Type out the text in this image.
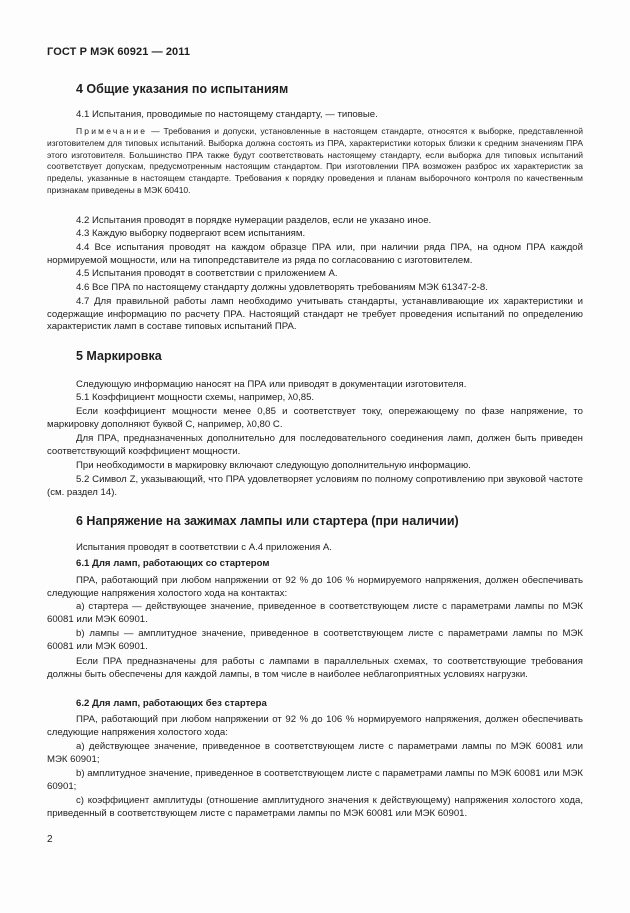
ГОСТ Р МЭК 60921 — 2011
4 Общие указания по испытаниям

4.1 Испытания, проводимые по настоящему стандарту, — типовые.

Примечание — Требования и допуски, установленные в настоящем стандарте, относятся к выборке, представленной изготовителем для типовых испытаний. Выборка должна состоять из ПРА, характеристики которых близки к средним значениям ПРА этого изготовителя. Большинство ПРА также будут соответствовать настоящему стандарту, если выборка для типовых испытаний соответствует допускам, предусмотренным настоящим стандартом. При изготовлении ПРА возможен разброс их характеристик за пределы, указанные в настоящем стандарте. Требования к порядку проведения и планам выборочного контроля по качественным признакам приведены в МЭК 60410.

4.2 Испытания проводят в порядке нумерации разделов, если не указано иное.

4.3 Каждую выборку подвергают всем испытаниям.

4.4 Все испытания проводят на каждом образце ПРА или, при наличии ряда ПРА, на одном ПРА каждой нормируемой мощности, или на типопредставителе из ряда по согласованию с изготовителем.

4.5 Испытания проводят в соответствии с приложением А.

4.6 Все ПРА по настоящему стандарту должны удовлетворять требованиям МЭК 61347-2-8.

4.7 Для правильной работы ламп необходимо учитывать стандарты, устанавливающие их характеристики и содержащие информацию по расчету ПРА. Настоящий стандарт не требует проведения испытаний по определению характеристик ламп в составе типовых испытаний ПРА.

5 Маркировка

Следующую информацию наносят на ПРА или приводят в документации изготовителя.

5.1 Коэффициент мощности схемы, например, λ0,85.

Если коэффициент мощности менее 0,85 и соответствует току, опережающему по фазе напряжение, то маркировку дополняют буквой С, например, λ0,80 С.

Для ПРА, предназначенных дополнительно для последовательного соединения ламп, должен быть приведен соответствующий коэффициент мощности.

При необходимости в маркировку включают следующую дополнительную информацию.

5.2 Символ Z, указывающий, что ПРА удовлетворяет условиям по полному сопротивлению при звуковой частоте (см. раздел 14).

6 Напряжение на зажимах лампы или стартера (при наличии)

Испытания проводят в соответствии с А.4 приложения А.

6.1 Для ламп, работающих со стартером

ПРА, работающий при любом напряжении от 92 % до 106 % нормируемого напряжения, должен обеспечивать следующие напряжения холостого хода на контактах:

a) стартера — действующее значение, приведенное в соответствующем листе с параметрами лампы по МЭК 60081 или МЭК 60901.

b) лампы — амплитудное значение, приведенное в соответствующем листе с параметрами лампы по МЭК 60081 или МЭК 60901.

Если ПРА предназначены для работы с лампами в параллельных схемах, то соответствующие требования должны быть обеспечены для каждой лампы, в том числе в наиболее неблагоприятных условиях нагрузки.

6.2 Для ламп, работающих без стартера

ПРА, работающий при любом напряжении от 92 % до 106 % нормируемого напряжения, должен обеспечивать следующие напряжения холостого хода:

a) действующее значение, приведенное в соответствующем листе с параметрами лампы по МЭК 60081 или МЭК 60901;

b) амплитудное значение, приведенное в соответствующем листе с параметрами лампы по МЭК 60081 или МЭК 60901;

c) коэффициент амплитуды (отношение амплитудного значения к действующему) напряжения холостого хода, приведенный в соответствующем листе с параметрами лампы по МЭК 60081 или МЭК 60901.

2
